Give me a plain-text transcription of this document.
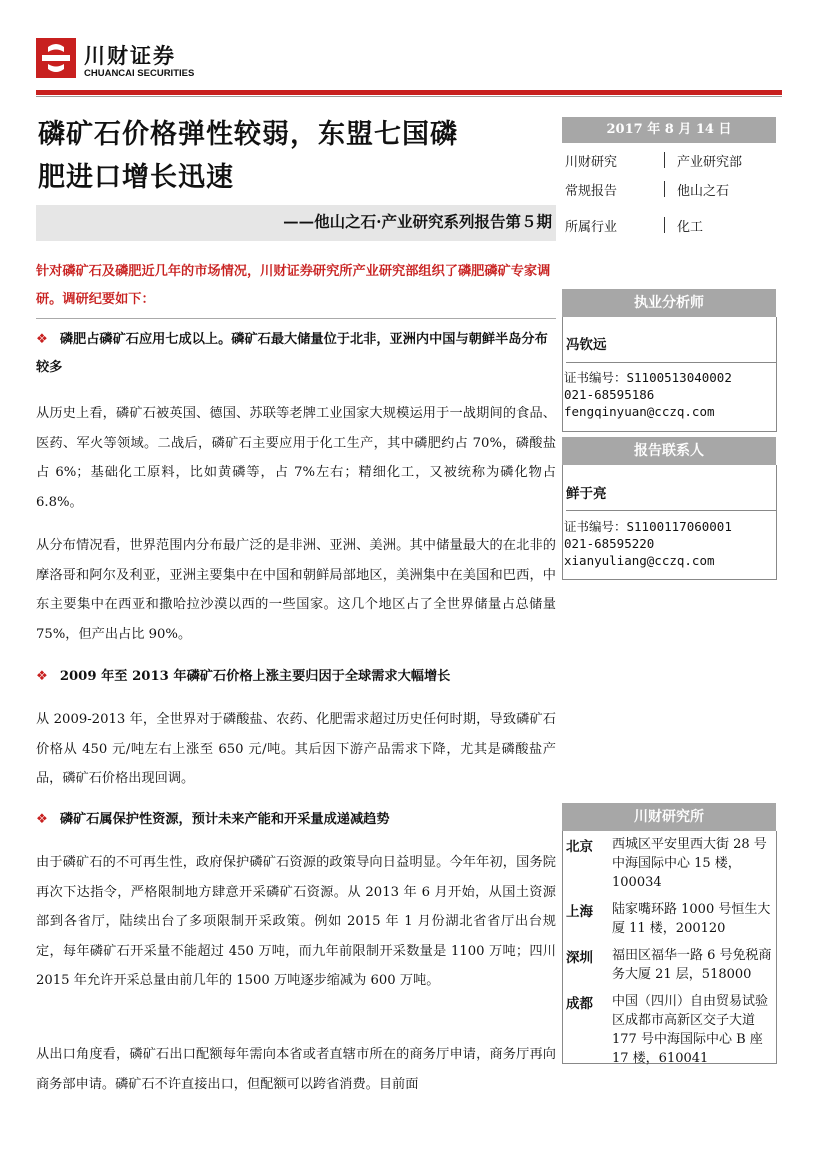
川财证券
CHUANCAI SECURITIES
磷矿石价格弹性较弱，东盟七国磷
肥进口增长迅速
——他山之石·产业研究系列报告第５期
2017 年 8 月 14 日
川财研究	产业研究部
常规报告	他山之石
所属行业	化工
执业分析师
冯钦远
证书编号：S1100513040002
021-68595186
fengqinyuan@cczq.com
报告联系人
鲜于亮
证书编号：S1100117060001
021-68595220
xianyuliang@cczq.com
针对磷矿石及磷肥近几年的市场情况，川财证券研究所产业研究部组织了磷肥磷矿专家调研。调研纪要如下：
❖ 磷肥占磷矿石应用七成以上。磷矿石最大储量位于北非，亚洲内中国与朝鲜半岛分布较多
从历史上看，磷矿石被英国、德国、苏联等老牌工业国家大规模运用于一战期间的食品、医药、军火等领域。二战后，磷矿石主要应用于化工生产，其中磷肥约占 70%，磷酸盐占 6%；基础化工原料，比如黄磷等，占 7%左右；精细化工，又被统称为磷化物占 6.8%。
从分布情况看，世界范围内分布最广泛的是非洲、亚洲、美洲。其中储量最大的在北非的摩洛哥和阿尔及利亚，亚洲主要集中在中国和朝鲜局部地区，美洲集中在美国和巴西，中东主要集中在西亚和撒哈拉沙漠以西的一些国家。这几个地区占了全世界储量占总储量 75%，但产出占比 90%。
❖ 2009 年至 2013 年磷矿石价格上涨主要归因于全球需求大幅增长
从 2009-2013 年，全世界对于磷酸盐、农药、化肥需求超过历史任何时期，导致磷矿石价格从 450 元/吨左右上涨至 650 元/吨。其后因下游产品需求下降，尤其是磷酸盐产品，磷矿石价格出现回调。
❖ 磷矿石属保护性资源，预计未来产能和开采量成递减趋势
由于磷矿石的不可再生性，政府保护磷矿石资源的政策导向日益明显。今年年初，国务院再次下达指令，严格限制地方肆意开采磷矿石资源。从 2013 年 6 月开始，从国土资源部到各省厅，陆续出台了多项限制开采政策。例如 2015 年 1 月份湖北省省厅出台规定，每年磷矿石开采量不能超过 450 万吨，而九年前限制开采数量是 1100 万吨；四川 2015 年允许开采总量由前几年的 1500 万吨逐步缩减为 600 万吨。
从出口角度看，磷矿石出口配额每年需向本省或者直辖市所在的商务厅申请，商务厅再向商务部申请。磷矿石不许直接出口，但配额可以跨省消费。目前面
川财研究所
北京 西城区平安里西大街 28 号中海国际中心 15 楼，100034
上海 陆家嘴环路 1000 号恒生大厦 11 楼，200120
深圳 福田区福华一路 6 号免税商务大厦 21 层，518000
成都 中国（四川）自由贸易试验区成都市高新区交子大道 177 号中海国际中心 B 座 17 楼，610041
